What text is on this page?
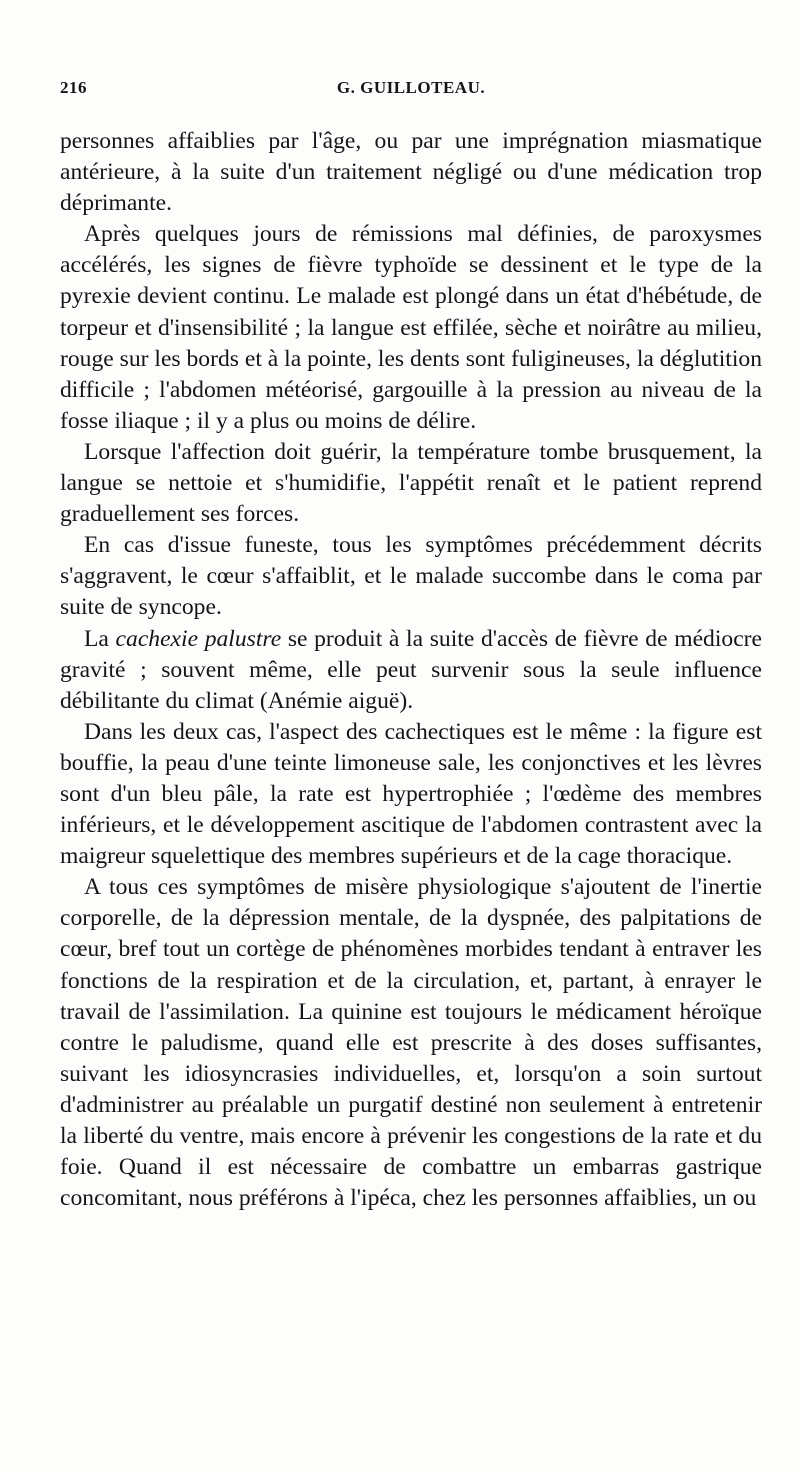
216	G. GUILLOTEAU.

personnes affaiblies par l'âge, ou par une imprégnation miasmatique antérieure, à la suite d'un traitement négligé ou d'une médication trop déprimante.

Après quelques jours de rémissions mal définies, de paroxysmes accélérés, les signes de fièvre typhoïde se dessinent et le type de la pyrexie devient continu. Le malade est plongé dans un état d'hébétude, de torpeur et d'insensibilité ; la langue est effilée, sèche et noirâtre au milieu, rouge sur les bords et à la pointe, les dents sont fuligineuses, la déglutition difficile ; l'abdomen météorisé, gargouille à la pression au niveau de la fosse iliaque ; il y a plus ou moins de délire.

Lorsque l'affection doit guérir, la température tombe brusquement, la langue se nettoie et s'humidifie, l'appétit renaît et le patient reprend graduellement ses forces.

En cas d'issue funeste, tous les symptômes précédemment décrits s'aggravent, le cœur s'affaiblit, et le malade succombe dans le coma par suite de syncope.

La cachexie palustre se produit à la suite d'accès de fièvre de médiocre gravité ; souvent même, elle peut survenir sous la seule influence débilitante du climat (Anémie aiguë).

Dans les deux cas, l'aspect des cachectiques est le même : la figure est bouffie, la peau d'une teinte limoneuse sale, les conjonctives et les lèvres sont d'un bleu pâle, la rate est hypertrophiée ; l'œdème des membres inférieurs, et le développement ascitique de l'abdomen contrastent avec la maigreur squelettique des membres supérieurs et de la cage thoracique.

A tous ces symptômes de misère physiologique s'ajoutent de l'inertie corporelle, de la dépression mentale, de la dyspnée, des palpitations de cœur, bref tout un cortège de phénomènes morbides tendant à entraver les fonctions de la respiration et de la circulation, et, partant, à enrayer le travail de l'assimilation. La quinine est toujours le médicament héroïque contre le paludisme, quand elle est prescrite à des doses suffisantes, suivant les idiosyncrasies individuelles, et, lorsqu'on a soin surtout d'administrer au préalable un purgatif destiné non seulement à entretenir la liberté du ventre, mais encore à prévenir les congestions de la rate et du foie. Quand il est nécessaire de combattre un embarras gastrique concomitant, nous préférons à l'ipéca, chez les personnes affaiblies, un ou
